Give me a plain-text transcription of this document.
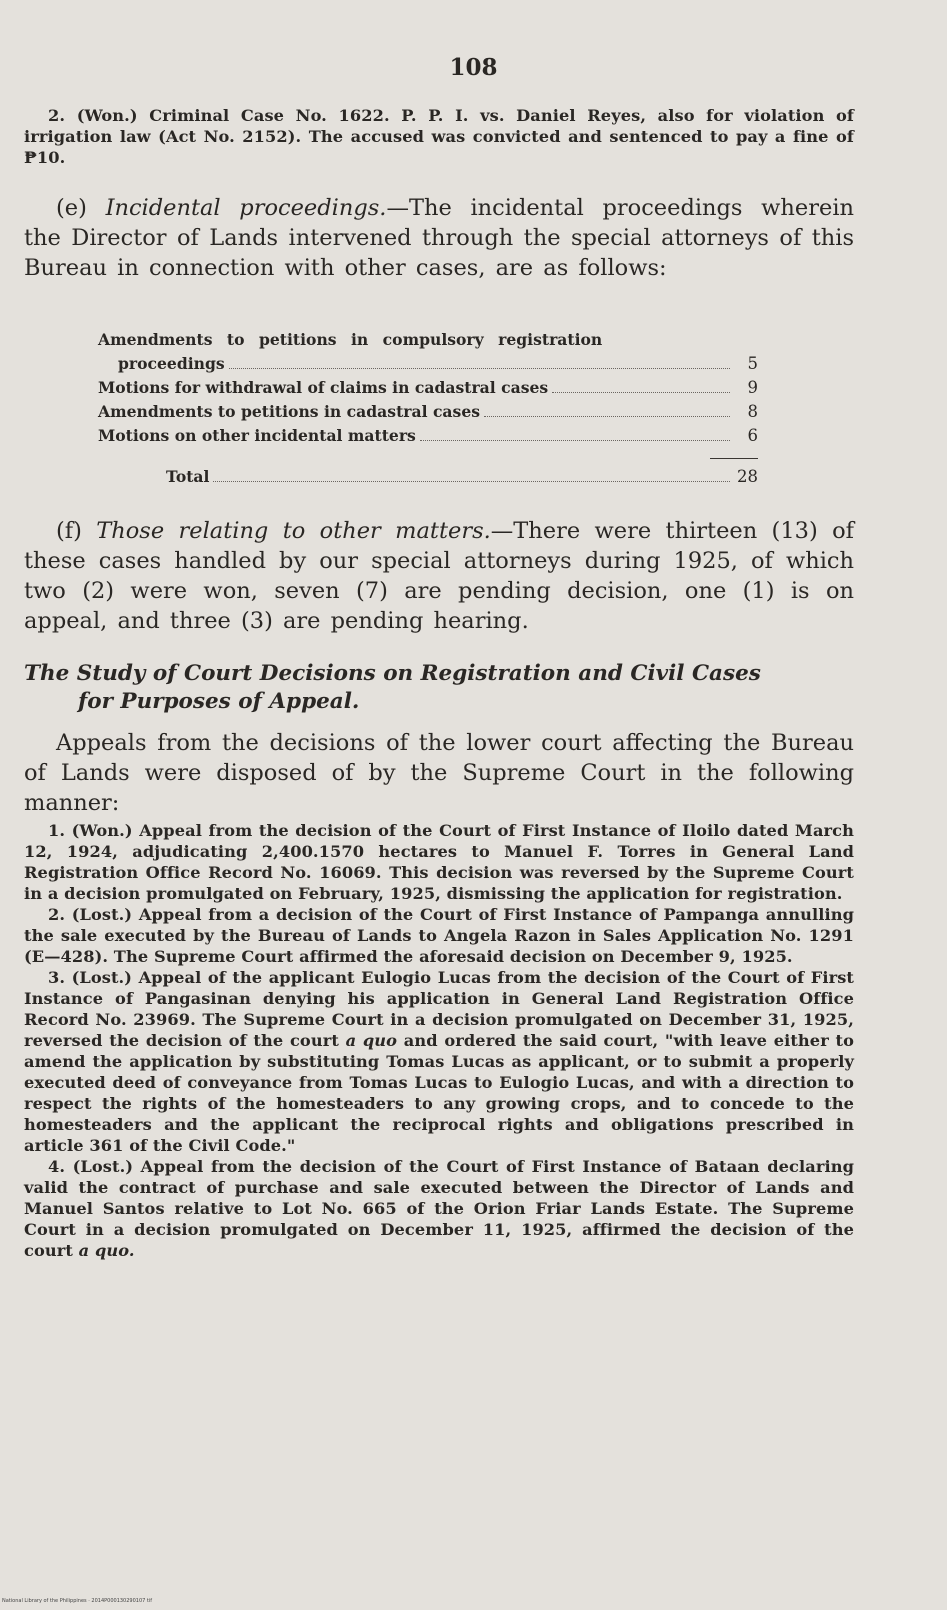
108

2. (Won.) Criminal Case No. 1622. P. P. I. vs. Daniel Reyes, also for violation of irrigation law (Act No. 2152). The accused was convicted and sentenced to pay a fine of ₱10.

(e) Incidental proceedings.—The incidental proceedings wherein the Director of Lands intervened through the special attorneys of this Bureau in connection with other cases, are as follows:

(f) Those relating to other matters.—There were thirteen (13) of these cases handled by our special attorneys during 1925, of which two (2) were won, seven (7) are pending decision, one (1) is on appeal, and three (3) are pending hearing.

The Study of Court Decisions on Registration and Civil Cases
for Purposes of Appeal.

Appeals from the decisions of the lower court affecting the Bureau of Lands were disposed of by the Supreme Court in the following manner:

1. (Won.) Appeal from the decision of the Court of First Instance of Iloilo dated March 12, 1924, adjudicating 2,400.1570 hectares to Manuel F. Torres in General Land Registration Office Record No. 16069. This decision was reversed by the Supreme Court in a decision promulgated on February, 1925, dismissing the application for registration.

2. (Lost.) Appeal from a decision of the Court of First Instance of Pampanga annulling the sale executed by the Bureau of Lands to Angela Razon in Sales Application No. 1291 (E—428). The Supreme Court affirmed the aforesaid decision on December 9, 1925.

3. (Lost.) Appeal of the applicant Eulogio Lucas from the decision of the Court of First Instance of Pangasinan denying his application in General Land Registration Office Record No. 23969. The Supreme Court in a decision promulgated on December 31, 1925, reversed the decision of the court a quo and ordered the said court, "with leave either to amend the application by substituting Tomas Lucas as applicant, or to submit a properly executed deed of conveyance from Tomas Lucas to Eulogio Lucas, and with a direction to respect the rights of the homesteaders to any growing crops, and to concede to the homesteaders and the applicant the reciprocal rights and obligations prescribed in article 361 of the Civil Code."

4. (Lost.) Appeal from the decision of the Court of First Instance of Bataan declaring valid the contract of purchase and sale executed between the Director of Lands and Manuel Santos relative to Lot No. 665 of the Orion Friar Lands Estate. The Supreme Court in a decision promulgated on December 11, 1925, affirmed the decision of the court a quo.

Amendments to petitions in compulsory registration
proceedings	5
Motions for withdrawal of claims in cadastral cases	9
Amendments to petitions in cadastral cases	8
Motions on other incidental matters	6
Total	28
National Library of the Philippines · 2014P000130290107 tif
